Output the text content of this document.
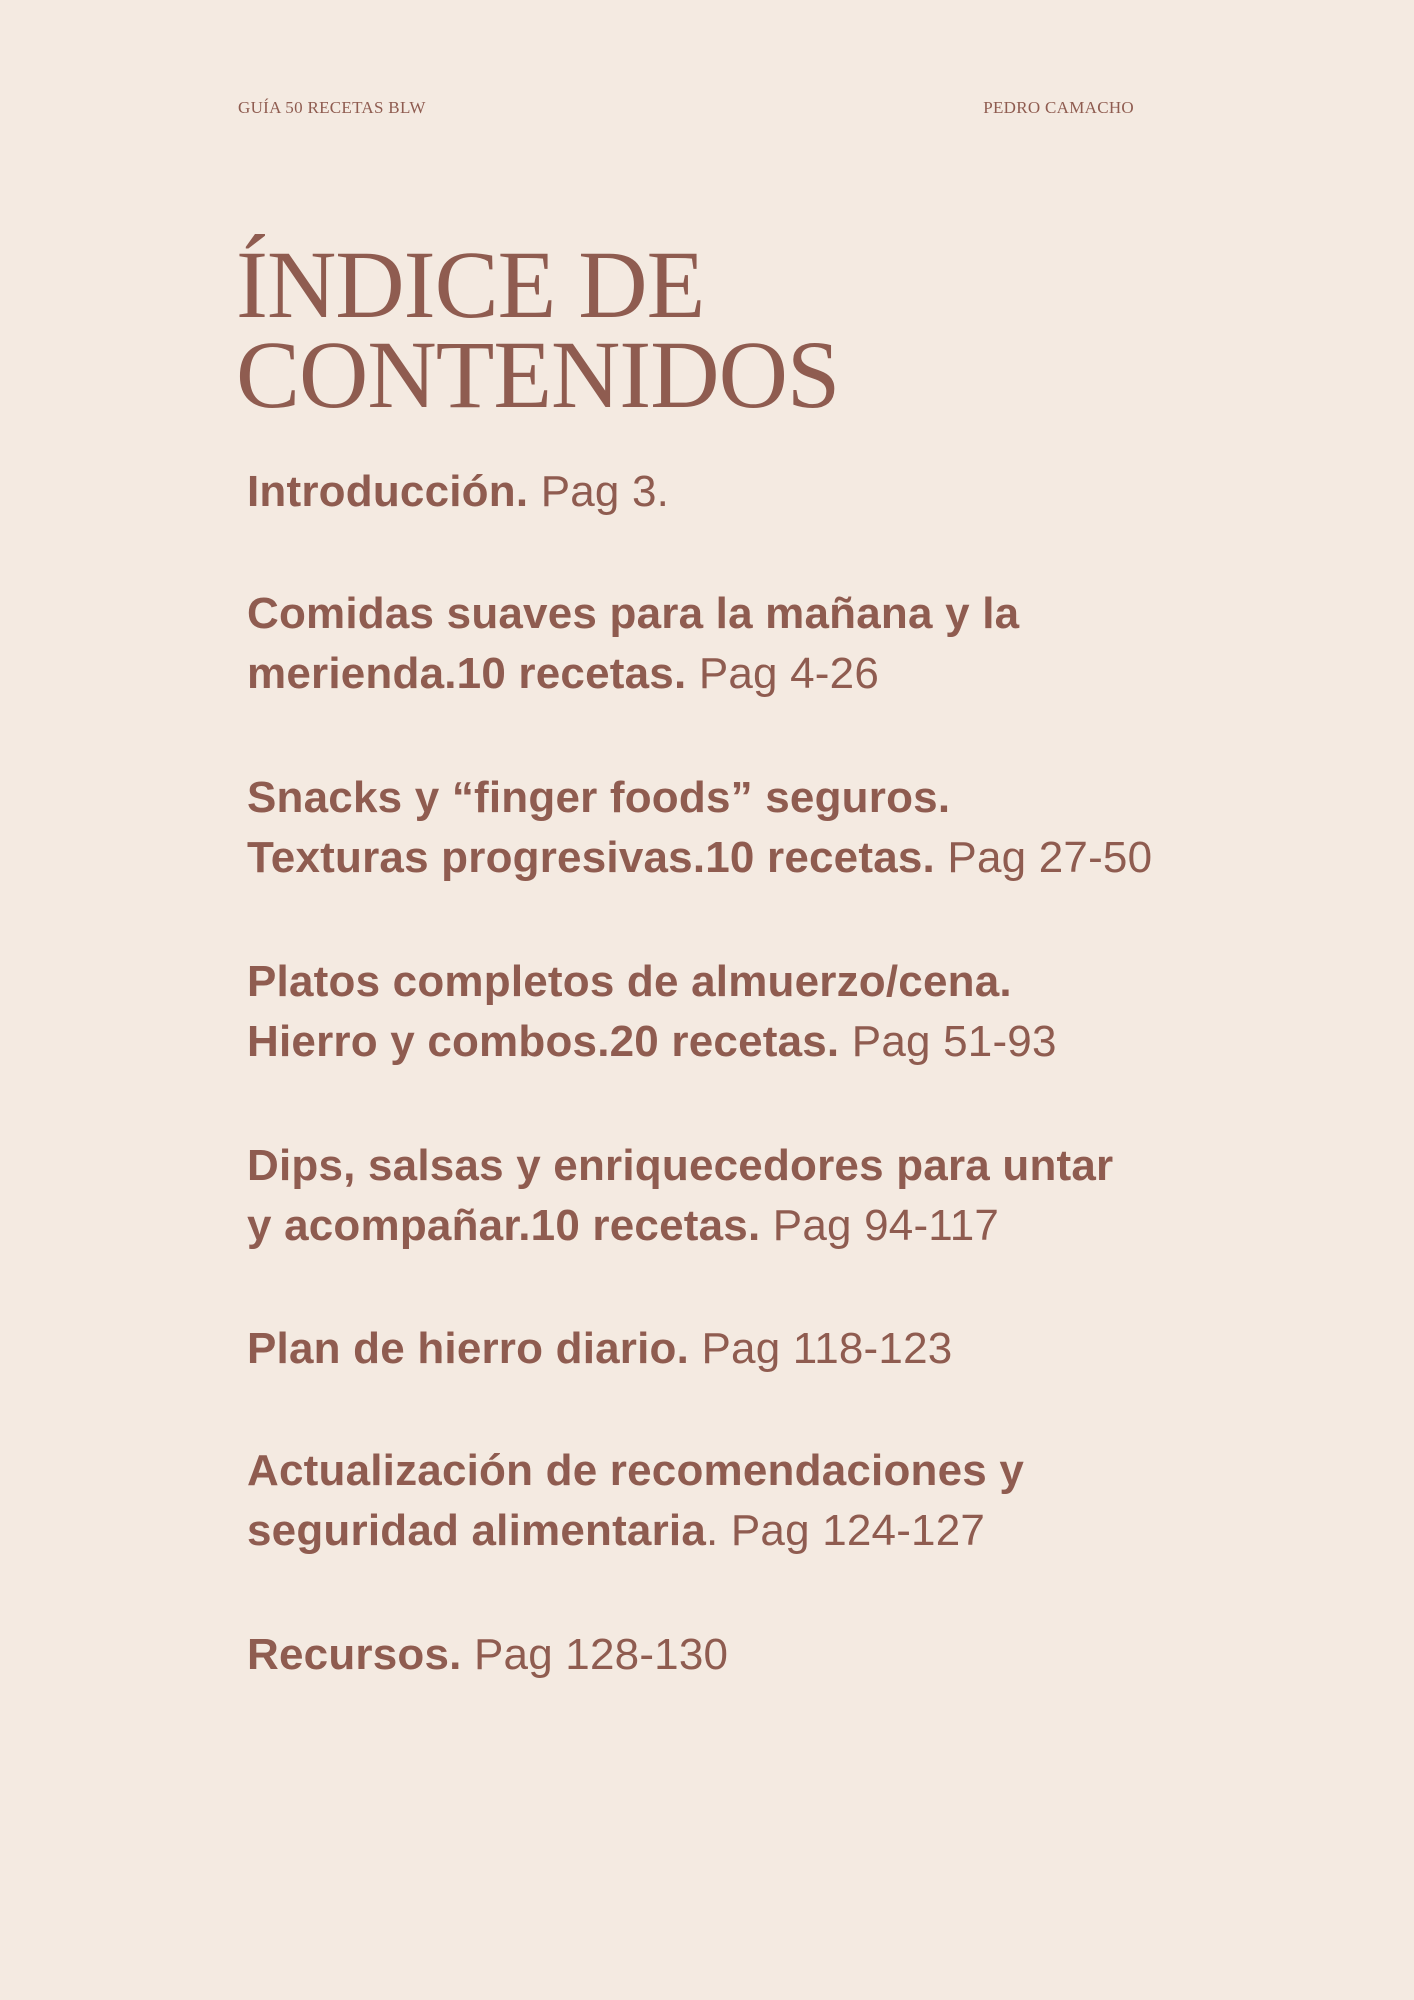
GUÍA 50 RECETAS BLW	PEDRO CAMACHO
ÍNDICE DE
CONTENIDOS
Introducción. Pag 3.
Comidas suaves para la mañana y la
merienda.10 recetas. Pag 4-26
Snacks y “finger foods” seguros.
Texturas progresivas.10 recetas. Pag 27-50
Platos completos de almuerzo/cena.
Hierro y combos.20 recetas. Pag 51-93
Dips, salsas y enriquecedores para untar
y acompañar.10 recetas. Pag 94-117
Plan de hierro diario. Pag 118-123
Actualización de recomendaciones y
seguridad alimentaria. Pag 124-127
Recursos. Pag 128-130
